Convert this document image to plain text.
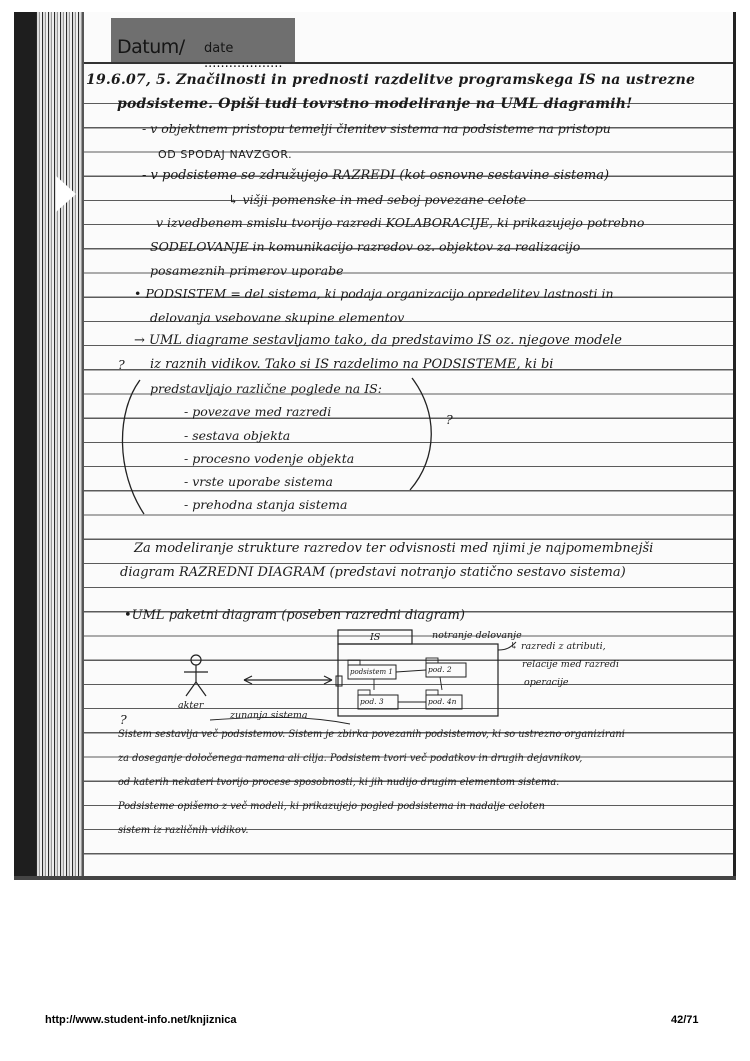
Datum/ date ...................
19.6.07, 5. Značilnosti in prednosti razdelitve programskega IS na ustrezne
podsisteme. Opiši tudi tovrstno modeliranje na UML diagramih!
- v objektnem pristopu temelji členitev sistema na podsisteme na pristopu
OD SPODAJ NAVZGOR.
- v podsisteme se združujejo RAZREDI (kot osnovne sestavine sistema)
↳ višji pomenske in med seboj povezane celote
v izvedbenem smislu tvorijo razredi KOLABORACIJE, ki prikazujejo potrebno
SODELOVANJE in komunikacijo razredov oz. objektov za realizacijo
posameznih primerov uporabe
• PODSISTEM = del sistema, ki podaja organizacijo opredelitev lastnosti in
delovanja vsebovane skupine elementov
→ UML diagrame sestavljamo tako, da predstavimo IS oz. njegove modele
? iz raznih vidikov. Tako si IS razdelimo na PODSISTEME, ki bi
predstavljajo različne poglede na IS:
?
- povezave med razredi
- sestava objekta
- procesno vodenje objekta
- vrste uporabe sistema
- prehodna stanja sistema
Za modeliranje strukture razredov ter odvisnosti med njimi je najpomembnejši
diagram RAZREDNI DIAGRAM (predstavi notranjo statično sestavo sistema)
•UML paketni diagram (poseben razredni diagram)
IS	notranje delovanje
podsistem 1	pod. 2
pod. 3	pod. 4n
akter
↳ razredi z atributi,
relacije med razredi
operacije
zunanja sistema
?
Sistem sestavlja več podsistemov. Sistem je zbirka povezanih podsistemov, ki so ustrezno organizirani
za doseganje določenega namena ali cilja. Podsistem tvori več podatkov in drugih dejavnikov,
od katerih nekateri tvorijo procese sposobnosti, ki jih nudijo drugim elementom sistema.
Podsisteme opišemo z več modeli, ki prikazujejo pogled podsistema in nadalje celoten
sistem iz različnih vidikov.
http://www.student-info.net/knjiznica	42/71
